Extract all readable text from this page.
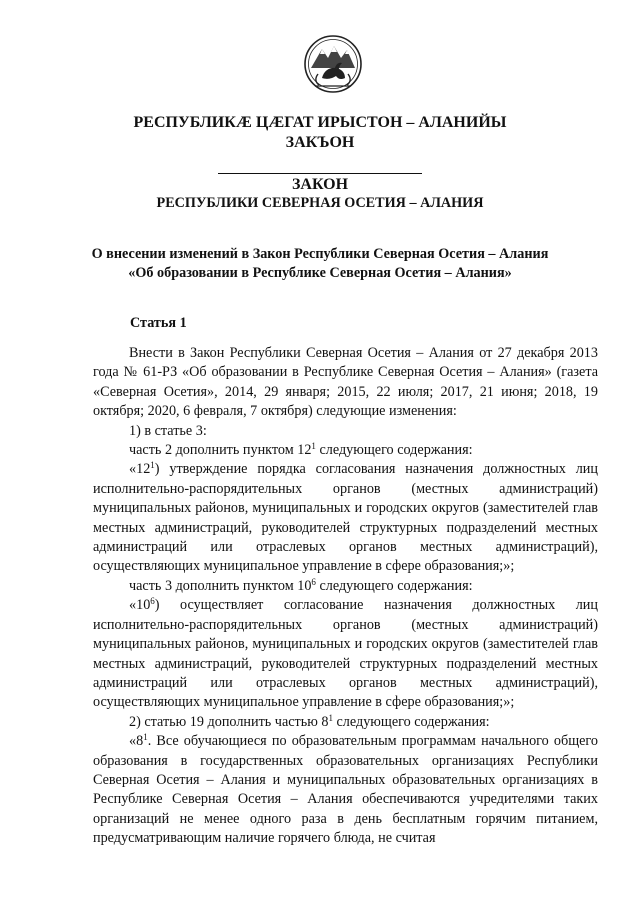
РЕСПУБЛИКӔ ЦӔГАТ ИРЫСТОН – АЛАНИЙЫ
ЗАКЪОН
ЗАКОН
РЕСПУБЛИКИ СЕВЕРНАЯ ОСЕТИЯ – АЛАНИЯ
О внесении изменений в Закон Республики Северная Осетия – Алания
«Об образовании в Республике Северная Осетия – Алания»
Статья 1

Внести в Закон Республики Северная Осетия – Алания от 27 декабря 2013 года № 61-РЗ «Об образовании в Республике Северная Осетия – Алания» (газета «Северная Осетия», 2014, 29 января; 2015, 22 июля; 2017, 21 июня; 2018, 19 октября; 2020, 6 февраля, 7 октября) следующие изменения:

1) в статье 3:

часть 2 дополнить пунктом $12^1$ следующего содержания:

«$12^1$) утверждение порядка согласования назначения должностных лиц исполнительно-распорядительных органов (местных администраций) муниципальных районов, муниципальных и городских округов (заместителей глав местных администраций, руководителей структурных подразделений местных администраций или отраслевых органов местных администраций), осуществляющих муниципальное управление в сфере образования;»;

часть 3 дополнить пунктом $10^6$ следующего содержания:

«$10^6$) осуществляет согласование назначения должностных лиц исполнительно-распорядительных органов (местных администраций) муниципальных районов, муниципальных и городских округов (заместителей глав местных администраций, руководителей структурных подразделений местных администраций или отраслевых органов местных администраций), осуществляющих муниципальное управление в сфере образования;»;

2) статью 19 дополнить частью $8^1$ следующего содержания:

«$8^1$. Все обучающиеся по образовательным программам начального общего образования в государственных образовательных организациях Республики Северная Осетия – Алания и муниципальных образовательных организациях в Республике Северная Осетия – Алания обеспечиваются учредителями таких организаций не менее одного раза в день бесплатным горячим питанием, предусматривающим наличие горячего блюда, не считая
